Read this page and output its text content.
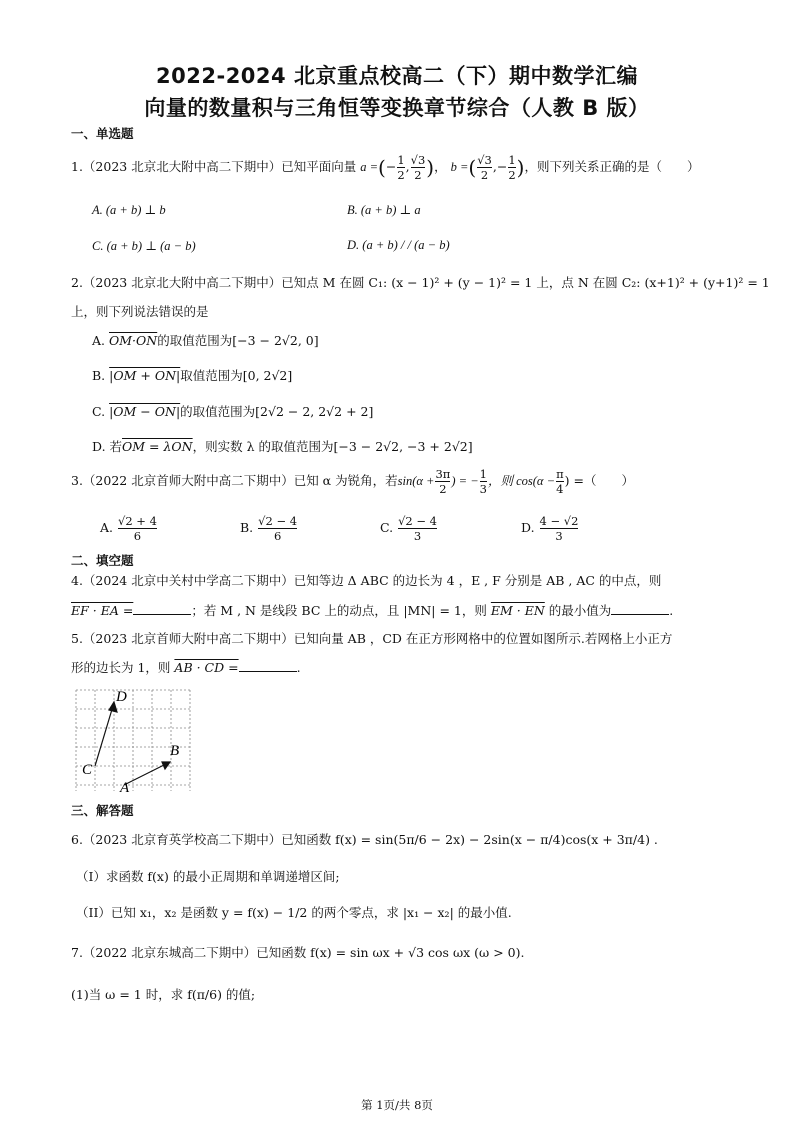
2022-2024 北京重点校高二（下）期中数学汇编
向量的数量积与三角恒等变换章节综合（人教 B 版）
一、单选题
1.（2023 北京北大附中高二下期中）已知平面向量 a =(− $\frac{1}{2}$ , $\frac{√3}{2}$ )， b =( $\frac{√3}{2}$ ,− $\frac{1}{2}$ )，则下列关系正确的是（　　）
A. (a + b) ⊥ b	B. (a + b) ⊥ a
C. (a + b) ⊥ (a − b)	D. (a + b) / / (a − b)
2.（2023 北京北大附中高二下期中）已知点 M 在圆 C₁: (x − 1)² + (y − 1)² = 1 上，点 N 在圆 C₂: (x+1)² + (y+1)² = 1
上，则下列说法错误的是
A. OM·ON的取值范围为[−3 − 2√2, 0]
B. |OM + ON|取值范围为[0, 2√2]
C. |OM − ON|的取值范围为[2√2 − 2, 2√2 + 2]
D. 若OM = λON，则实数 λ 的取值范围为[−3 − 2√2, −3 + 2√2]
3.（2022 北京首师大附中高二下期中）已知 α 为锐角，若$\sin(\alpha + \frac{3\pi}{2}$ ) = − $\frac{1}{3}$ ，则 $\cos(\alpha - \frac{\pi}{4}$ ) =（　　）
A. $\frac{√2 + 4}{6}$	B. $\frac{√2 - 4}{6}$	C. $\frac{√2 - 4}{3}$	D. $\frac{4 - √2}{3}$
二、填空题
4.（2024 北京中关村中学高二下期中）已知等边 Δ ABC 的边长为 4 ，E , F 分别是 AB , AC 的中点，则
EF · EA =	；若 M , N 是线段 BC 上的动点，且 |MN| = 1，则 EM · EN 的最小值为	.
5.（2023 北京首师大附中高二下期中）已知向量 AB ，CD 在正方形网格中的位置如图所示.若网格上小正方
形的边长为 1，则 AB · CD =	.
D
B
C
A
三、解答题
6.（2023 北京育英学校高二下期中）已知函数 f(x) = sin(5π/6 − 2x) − 2sin(x − π/4)cos(x + 3π/4) .
（I）求函数 f(x) 的最小正周期和单调递增区间;
（II）已知 x₁，x₂ 是函数 y = f(x) − 1/2 的两个零点，求 |x₁ − x₂| 的最小值.
7.（2022 北京东城高二下期中）已知函数 f(x) = sin ωx + √3 cos ωx (ω > 0).
(1)当 ω = 1 时，求 f(π/6) 的值;
第 1页/共 8页
